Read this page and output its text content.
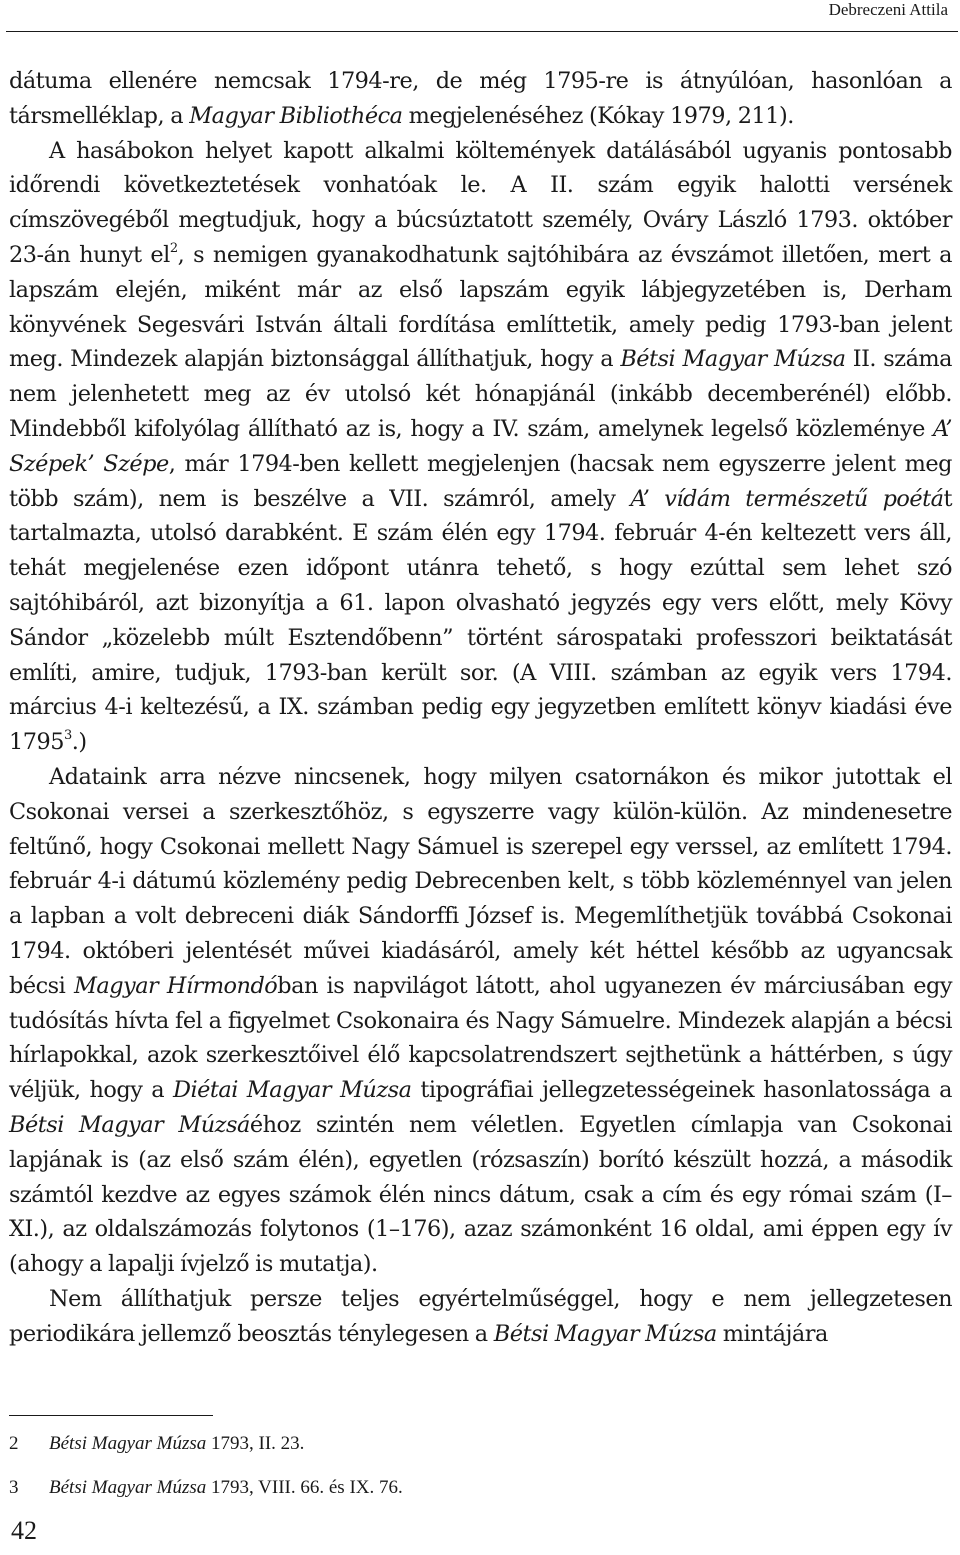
Debreczeni Attila

dátuma ellenére nemcsak 1794-re, de még 1795-re is átnyúlóan, hasonlóan a társmelléklap, a Magyar Bibliothéca megjelenéséhez (Kókay 1979, 211).

A hasábokon helyet kapott alkalmi költemények datálásából ugyanis pontosabb időrendi következtetések vonhatóak le. A II. szám egyik halotti versének címszövegéből megtudjuk, hogy a búcsúztatott személy, Ováry László 1793. október 23-án hunyt $el^2$, s nemigen gyanakodhatunk sajtóhibára az évszámot illetően, mert a lapszám elején, miként már az első lapszám egyik lábjegyzetében is, Derham könyvének Segesvári István általi fordítása említtetik, amely pedig 1793-ban jelent meg. Mindezek alapján biztonsággal állíthatjuk, hogy a Bétsi Magyar Múzsa II. száma nem jelenhetett meg az év utolsó két hónapjánál (inkább decemberénél) előbb. Mindebből kifolyólag állítható az is, hogy a IV. szám, amelynek legelső közleménye A’ Szépek’ Szépe, már 1794-ben kellett megjelenjen (hacsak nem egyszerre jelent meg több szám), nem is beszélve a VII. számról, amely A’ vídám természetű poétát tartalmazta, utolsó darabként. E szám élén egy 1794. február 4-én keltezett vers áll, tehát megjelenése ezen időpont utánra tehető, s hogy ezúttal sem lehet szó sajtóhibáról, azt bizonyítja a 61. lapon olvasható jegyzés egy vers előtt, mely Kövy Sándor „közelebb múlt Esztendőbenn” történt sárospataki professzori beiktatását említi, amire, tudjuk, 1793-ban került sor. (A VIII. számban az egyik vers 1794. március 4-i keltezésű, a IX. számban pedig egy jegyzetben említett könyv kiadási éve 1795$^3$.)

Adataink arra nézve nincsenek, hogy milyen csatornákon és mikor jutottak el Csokonai versei a szerkesztőhöz, s egyszerre vagy külön-külön. Az mindenesetre feltűnő, hogy Csokonai mellett Nagy Sámuel is szerepel egy verssel, az említett 1794. február 4-i dátumú közlemény pedig Debrecenben kelt, s több közleménnyel van jelen a lapban a volt debreceni diák Sándorffi József is. Megemlíthetjük továbbá Csokonai 1794. októberi jelentését művei kiadásáról, amely két héttel később az ugyancsak bécsi Magyar Hírmondóban is napvilágot látott, ahol ugyanezen év márciusában egy tudósítás hívta fel a figyelmet Csokonaira és Nagy Sámuelre. Mindezek alapján a bécsi hírlapokkal, azok szerkesztőivel élő kapcsolatrendszert sejthetünk a háttérben, s úgy véljük, hogy a Diétai Magyar Múzsa tipográfiai jellegzetességeinek hasonlatossága a Bétsi Magyar Múzsáéhoz szintén nem véletlen. Egyetlen címlapja van Csokonai lapjának is (az első szám élén), egyetlen (rózsaszín) borító készült hozzá, a második számtól kezdve az egyes számok élén nincs dátum, csak a cím és egy római szám (I–XI.), az oldalszámozás folytonos (1–176), azaz számonként 16 oldal, ami éppen egy ív (ahogy a lapalji ívjelző is mutatja).

Nem állíthatjuk persze teljes egyértelműséggel, hogy e nem jellegzetesen periodikára jellemző beosztás ténylegesen a Bétsi Magyar Múzsa mintájára

2	Bétsi Magyar Múzsa 1793, II. 23.
3	Bétsi Magyar Múzsa 1793, VIII. 66. és IX. 76.
42
